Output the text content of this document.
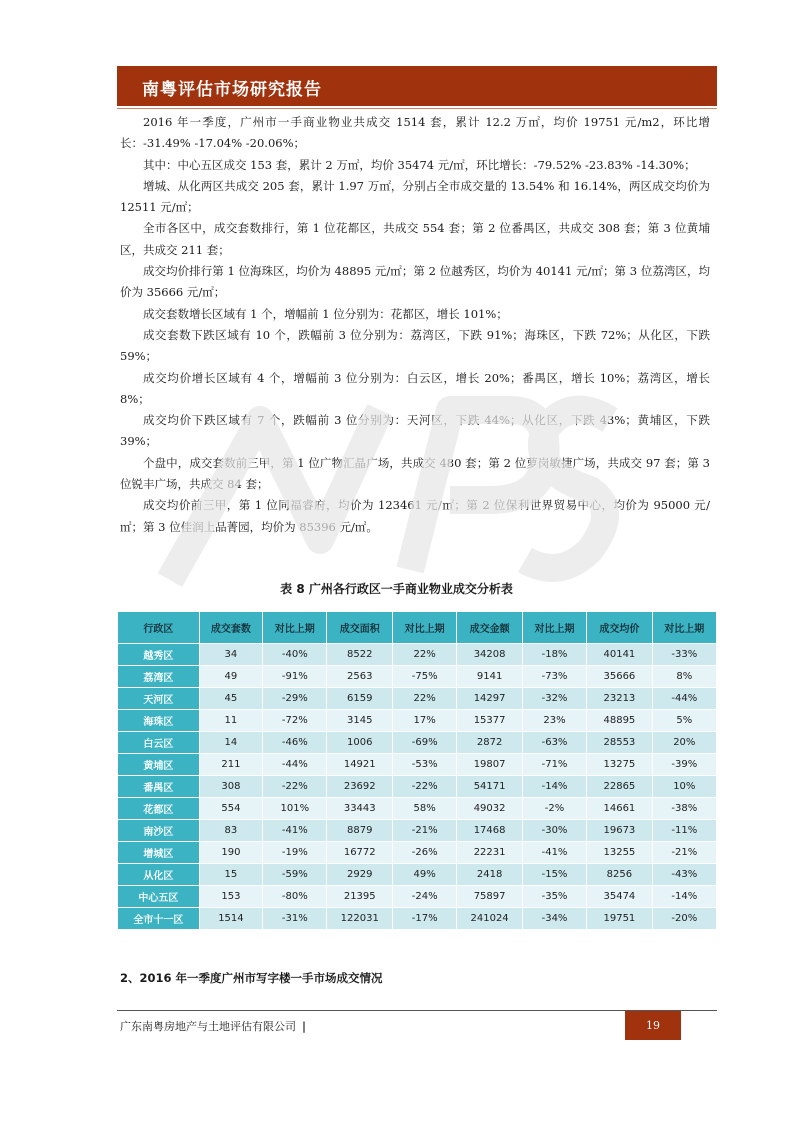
南粤评估市场研究报告

2016 年一季度，广州市一手商业物业共成交 1514 套，累计 12.2 万㎡，均价 19751 元/m2，环比增长：-31.49% -17.04% -20.06%；

其中：中心五区成交 153 套，累计 2 万㎡，均价 35474 元/㎡，环比增长：-79.52% -23.83% -14.30%；

增城、从化两区共成交 205 套，累计 1.97 万㎡，分别占全市成交量的 13.54% 和 16.14%，两区成交均价为 12511 元/㎡；

全市各区中，成交套数排行，第 1 位花都区，共成交 554 套；第 2 位番禺区，共成交 308 套；第 3 位黄埔区，共成交 211 套；

成交均价排行第 1 位海珠区，均价为 48895 元/㎡；第 2 位越秀区，均价为 40141 元/㎡；第 3 位荔湾区，均价为 35666 元/㎡；

成交套数增长区域有 1 个，增幅前 1 位分别为：花都区，增长 101%；

成交套数下跌区域有 10 个，跌幅前 3 位分别为：荔湾区，下跌 91%；海珠区，下跌 72%；从化区，下跌 59%；

成交均价增长区域有 4 个，增幅前 3 位分别为：白云区，增长 20%；番禺区，增长 10%；荔湾区，增长 8%；

成交均价下跌区域有 7 个，跌幅前 3 位分别为：天河区，下跌 44%；从化区，下跌 43%；黄埔区，下跌 39%；

个盘中，成交套数前三甲，第 1 位广物汇晶广场，共成交 480 套；第 2 位萝岗敏捷广场，共成交 97 套；第 3 位锐丰广场，共成交 84 套；

成交均价前三甲，第 1 位同福睿府，均价为 123461 元/㎡；第 2 位保利世界贸易中心，均价为 95000 元/㎡；第 3 位佳润上品菁园，均价为 85396 元/㎡。

表 8 广州各行政区一手商业物业成交分析表
行政区	成交套数	对比上期	成交面积	对比上期	成交金额	对比上期	成交均价	对比上期
越秀区	34	-40%	8522	22%	34208	-18%	40141	-33%
荔湾区	49	-91%	2563	-75%	9141	-73%	35666	8%
天河区	45	-29%	6159	22%	14297	-32%	23213	-44%
海珠区	11	-72%	3145	17%	15377	23%	48895	5%
白云区	14	-46%	1006	-69%	2872	-63%	28553	20%
黄埔区	211	-44%	14921	-53%	19807	-71%	13275	-39%
番禺区	308	-22%	23692	-22%	54171	-14%	22865	10%
花都区	554	101%	33443	58%	49032	-2%	14661	-38%
南沙区	83	-41%	8879	-21%	17468	-30%	19673	-11%
增城区	190	-19%	16772	-26%	22231	-41%	13255	-21%
从化区	15	-59%	2929	49%	2418	-15%	8256	-43%
中心五区	153	-80%	21395	-24%	75897	-35%	35474	-14%
全市十一区	1514	-31%	122031	-17%	241024	-34%	19751	-20%
2、2016 年一季度广州市写字楼一手市场成交情况
广东南粤房地产与土地评估有限公司 |	19
